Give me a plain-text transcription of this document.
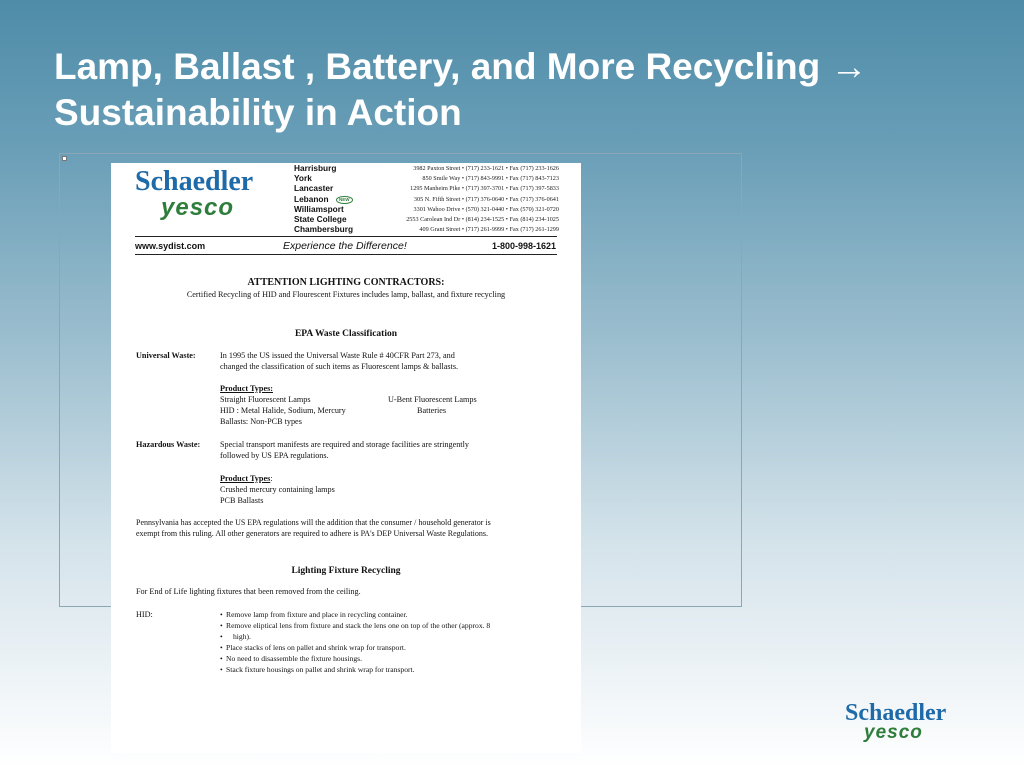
Lamp, Ballast , Battery, and More Recycling →
Sustainability in Action
Schaedler
yesco
Harrisburg	3982 Paxton Street • (717) 233-1621 • Fax (717) 233-1626
York	850 Smile Way • (717) 843-9991 • Fax (717) 843-7123
Lancaster	1295 Manheim Pike • (717) 397-3701 • Fax (717) 397-5833
Lebanon	NEW	305 N. Fifth Street • (717) 376-0640 • Fax (717) 376-0641
Williamsport	3301 Wahoo Drive • (570) 321-0440 • Fax (570) 321-0720
State College	2553 Carolean Ind Dr • (814) 234-1525 • Fax (814) 234-1025
Chambersburg	409 Grant Street • (717) 261-9999 • Fax (717) 261-1299
www.sydist.com	Experience the Difference!	1-800-998-1621
ATTENTION LIGHTING CONTRACTORS:
Certified Recycling of HID and Flourescent Fixtures includes lamp, ballast, and fixture recycling
EPA Waste Classification
Universal Waste:	In 1995 the US issued the Universal Waste Rule # 40CFR Part 273, and
changed the classification of such items as Fluorescent lamps & ballasts.
Product Types:
Straight Fluorescent Lamps	U-Bent Fluorescent Lamps
HID : Metal Halide, Sodium, Mercury	Batteries
Ballasts: Non-PCB types
Hazardous Waste: Special transport manifests are required and storage facilities are stringently
followed by US EPA regulations.
Product Types:
Crushed mercury containing lamps
PCB Ballasts
Pennsylvania has accepted the US EPA regulations will the addition that the consumer / household generator is
exempt from this ruling. All other generators are required to adhere is PA's DEP Universal Waste Regulations.
Lighting Fixture Recycling
For End of Life lighting fixtures that been removed from the ceiling.
HID:
•	Remove lamp from fixture and place in recycling container.
• Remove eliptical lens from fixture and stack the lens one on top of the other (approx. 8
• high).
• Place stacks of lens on pallet and shrink wrap for transport.
• No need to disassemble the fixture housings.
• Stack fixture housings on pallet and shrink wrap for transport.
Schaedler
yesco
